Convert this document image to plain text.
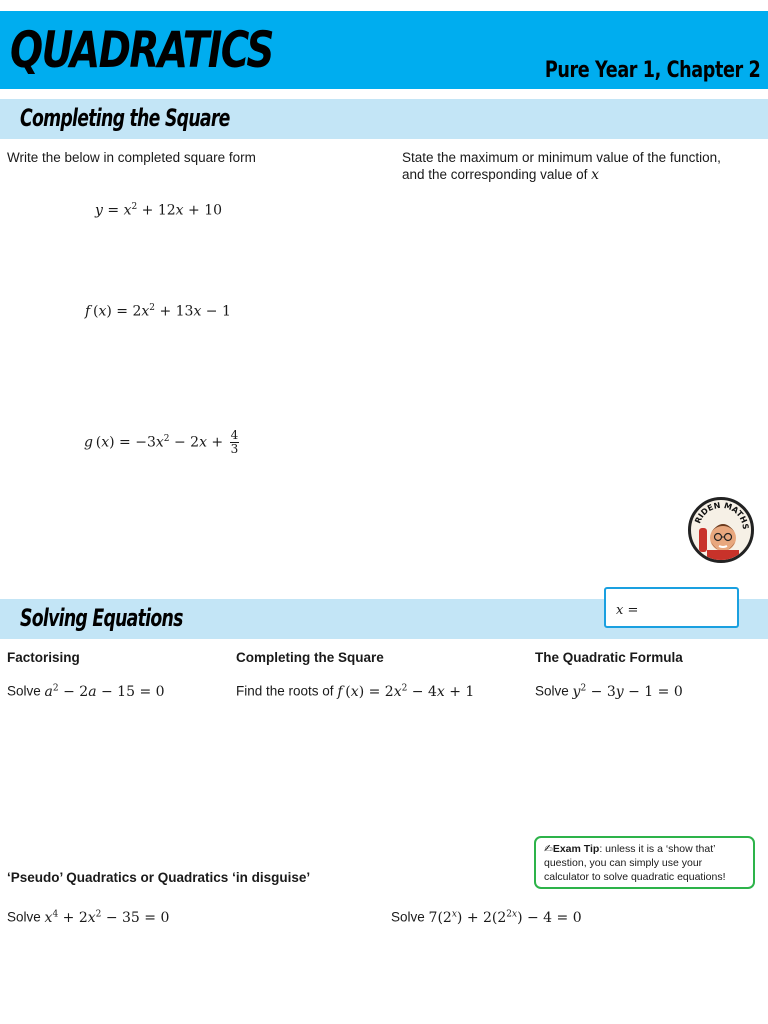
QUADRATICS	Pure Year 1, Chapter 2
Completing the Square
Write the below in completed square form	State the maximum or minimum value of the function, and the corresponding value of x
$y = x^2 + 12x + 10$
f $(x) = 2x^2 + 13x - 1$
g $(x) = -3x^2 - 2x + \frac{4}{3}$
RIDEN MATHS
Solving Equations	x =
Factorising	Completing the Square	The Quadratic Formula
Solve $a^2 - 2a - 15 = 0$	Find the roots of f $(x) = 2x^2 - 4x + 1$	Solve $y^2 - 3y - 1 = 0$
✍Exam Tip: unless it is a ‘show that’ question, you can simply use your calculator to solve quadratic equations!
‘Pseudo’ Quadratics or Quadratics ‘in disguise’
Solve $x^4 + 2x^2 - 35 = 0$	Solve $7(2^x) + 2(2^{2x}) - 4 = 0$
